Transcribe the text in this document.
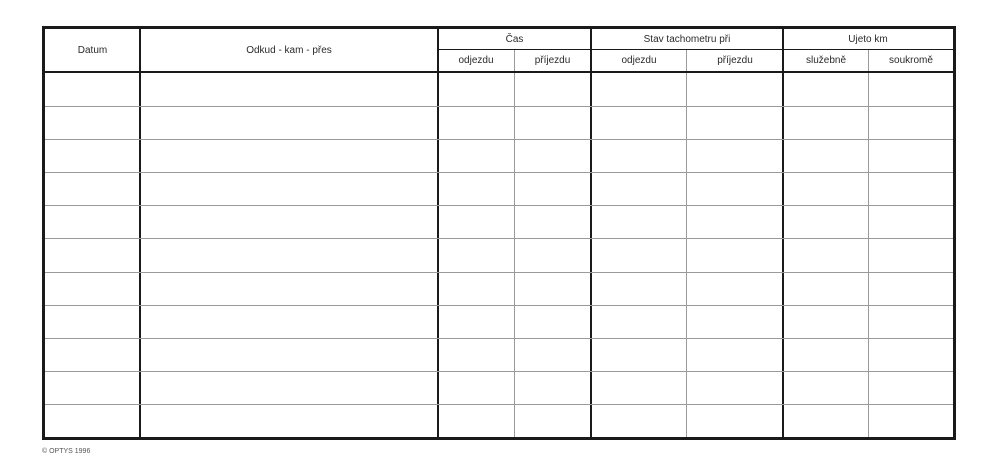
Datum	Odkud - kam - přes
Čas	Stav tachometru při	Ujeto km
odjezdu	příjezdu	odjezdu	příjezdu	služebně	soukromě
© OPTYS 1996
